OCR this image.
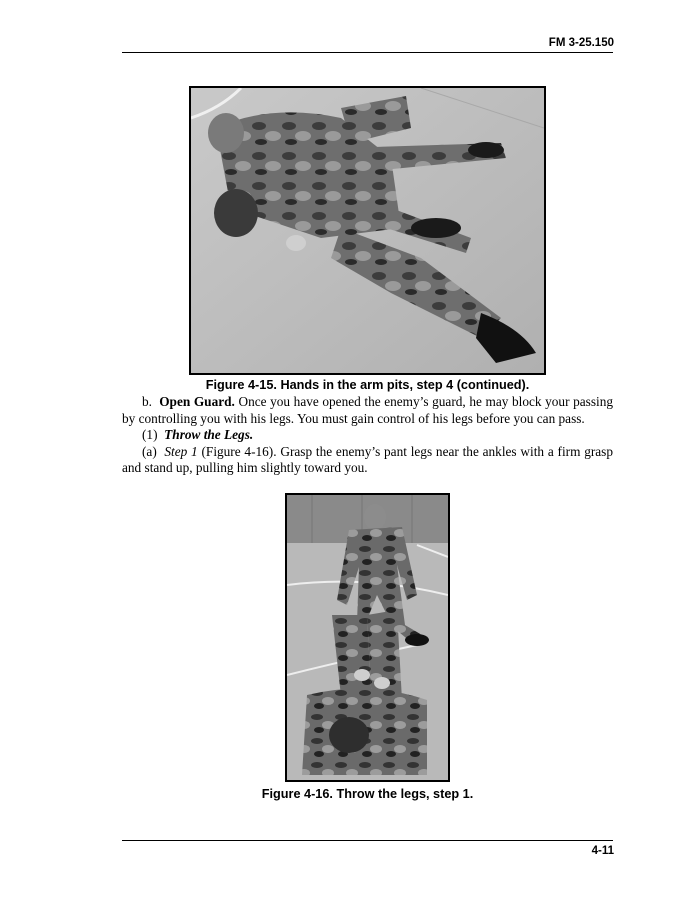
FM 3-25.150
Figure 4-15. Hands in the arm pits, step 4 (continued).

b. Open Guard. Once you have opened the enemy’s guard, he may block your passing by controlling you with his legs. You must gain control of his legs before you can pass.

(1) Throw the Legs.

(a) Step 1 (Figure 4-16). Grasp the enemy’s pant legs near the ankles with a firm grasp and stand up, pulling him slightly toward you.

Figure 4-16. Throw the legs, step 1.
4-11
